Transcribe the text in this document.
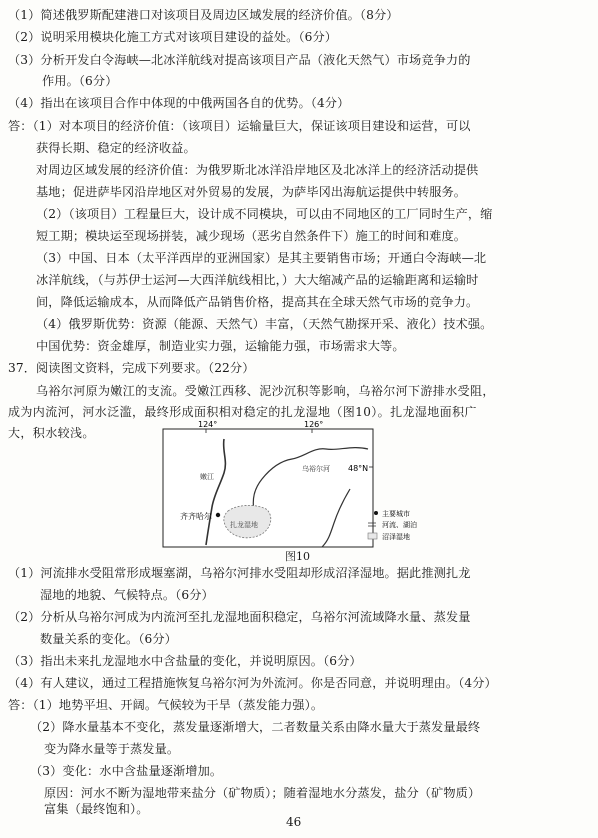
（1）简述俄罗斯配建港口对该项目及周边区域发展的经济价值。（8分）
（2）说明采用模块化施工方式对该项目建设的益处。（6分）
（3）分析开发白令海峡—北冰洋航线对提高该项目产品（液化天然气）市场竞争力的
作用。（6分）
（4）指出在该项目合作中体现的中俄两国各自的优势。（4分）
答：（1）对本项目的经济价值：（该项目）运输量巨大，保证该项目建设和运营，可以
获得长期、稳定的经济收益。
对周边区域发展的经济价值：为俄罗斯北冰洋沿岸地区及北冰洋上的经济活动提供
基地；促进萨毕冈沿岸地区对外贸易的发展，为萨毕冈出海航运提供中转服务。
（2）（该项目）工程量巨大，设计成不同模块，可以由不同地区的工厂同时生产，缩
短工期；模块运至现场拼装，减少现场（恶劣自然条件下）施工的时间和难度。
（3）中国、日本（太平洋西岸的亚洲国家）是其主要销售市场；开通白令海峡—北
冰洋航线，（与苏伊士运河—大西洋航线相比，）大大缩减产品的运输距离和运输时
间，降低运输成本，从而降低产品销售价格，提高其在全球天然气市场的竞争力。
（4）俄罗斯优势：资源（能源、天然气）丰富，（天然气勘探开采、液化）技术强。
中国优势：资金雄厚，制造业实力强，运输能力强，市场需求大等。
37．阅读图文资料，完成下列要求。（22分）
乌裕尔河原为嫩江的支流。受嫩江西移、泥沙沉积等影响，乌裕尔河下游排水受阻，
成为内流河，河水泛滥，最终形成面积相对稳定的扎龙湿地（图10）。扎龙湿地面积广
大，积水较浅。
124°	126°
48°N
齐齐哈尔
扎龙湿地
乌裕尔河
嫩江
主要城市
河流、湖泊
沼泽湿地
图10
（1）河流排水受阻常形成堰塞湖，乌裕尔河排水受阻却形成沼泽湿地。据此推测扎龙
湿地的地貌、气候特点。（6分）
（2）分析从乌裕尔河成为内流河至扎龙湿地面积稳定，乌裕尔河流域降水量、蒸发量
数量关系的变化。（6分）
（3）指出未来扎龙湿地水中含盐量的变化，并说明原因。（6分）
（4）有人建议，通过工程措施恢复乌裕尔河为外流河。你是否同意，并说明理由。（4分）
答：（1）地势平坦、开阔。气候较为干旱（蒸发能力强）。
（2）降水量基本不变化，蒸发量逐渐增大，二者数量关系由降水量大于蒸发量最终
变为降水量等于蒸发量。
（3）变化：水中含盐量逐渐增加。
原因：河水不断为湿地带来盐分（矿物质）；随着湿地水分蒸发，盐分（矿物质）
富集（最终饱和）。
46
